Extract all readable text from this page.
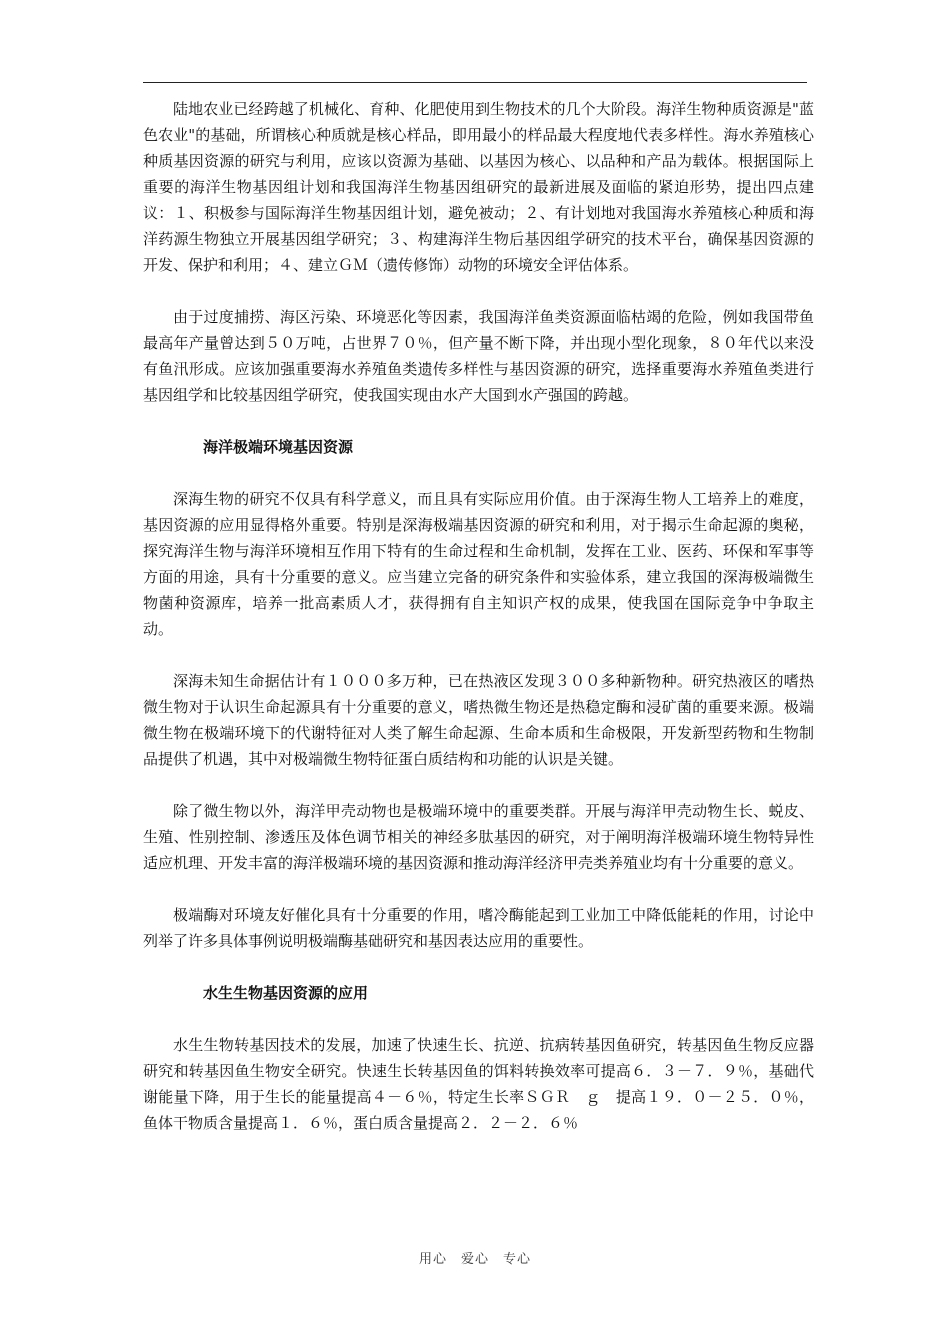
陆地农业已经跨越了机械化、育种、化肥使用到生物技术的几个大阶段。海洋生物种质资源是"蓝色农业"的基础，所谓核心种质就是核心样品，即用最小的样品最大程度地代表多样性。海水养殖核心种质基因资源的研究与利用，应该以资源为基础、以基因为核心、以品种和产品为载体。根据国际上重要的海洋生物基因组计划和我国海洋生物基因组研究的最新进展及面临的紧迫形势，提出四点建议：１、积极参与国际海洋生物基因组计划，避免被动；２、有计划地对我国海水养殖核心种质和海洋药源生物独立开展基因组学研究；３、构建海洋生物后基因组学研究的技术平台，确保基因资源的开发、保护和利用；４、建立ＧＭ（遗传修饰）动物的环境安全评估体系。

由于过度捕捞、海区污染、环境恶化等因素，我国海洋鱼类资源面临枯竭的危险，例如我国带鱼最高年产量曾达到５０万吨，占世界７０％，但产量不断下降，并出现小型化现象，８０年代以来没有鱼汛形成。应该加强重要海水养殖鱼类遗传多样性与基因资源的研究，选择重要海水养殖鱼类进行基因组学和比较基因组学研究，使我国实现由水产大国到水产强国的跨越。

海洋极端环境基因资源

深海生物的研究不仅具有科学意义，而且具有实际应用价值。由于深海生物人工培养上的难度，基因资源的应用显得格外重要。特别是深海极端基因资源的研究和利用，对于揭示生命起源的奥秘，探究海洋生物与海洋环境相互作用下特有的生命过程和生命机制，发挥在工业、医药、环保和军事等方面的用途，具有十分重要的意义。应当建立完备的研究条件和实验体系，建立我国的深海极端微生物菌种资源库，培养一批高素质人才，获得拥有自主知识产权的成果，使我国在国际竞争中争取主动。

深海未知生命据估计有１０００多万种，已在热液区发现３００多种新物种。研究热液区的嗜热微生物对于认识生命起源具有十分重要的意义，嗜热微生物还是热稳定酶和浸矿菌的重要来源。极端微生物在极端环境下的代谢特征对人类了解生命起源、生命本质和生命极限，开发新型药物和生物制品提供了机遇，其中对极端微生物特征蛋白质结构和功能的认识是关键。

除了微生物以外，海洋甲壳动物也是极端环境中的重要类群。开展与海洋甲壳动物生长、蜕皮、生殖、性别控制、渗透压及体色调节相关的神经多肽基因的研究，对于阐明海洋极端环境生物特异性适应机理、开发丰富的海洋极端环境的基因资源和推动海洋经济甲壳类养殖业均有十分重要的意义。

极端酶对环境友好催化具有十分重要的作用，嗜冷酶能起到工业加工中降低能耗的作用，讨论中列举了许多具体事例说明极端酶基础研究和基因表达应用的重要性。

水生生物基因资源的应用

水生生物转基因技术的发展，加速了快速生长、抗逆、抗病转基因鱼研究，转基因鱼生物反应器研究和转基因鱼生物安全研究。快速生长转基因鱼的饵料转换效率可提高６．３－７．９％，基础代谢能量下降，用于生长的能量提高４－６％，特定生长率ＳＧＲ　ｇ　提高１９．０－２５．０％，鱼体干物质含量提高１．６％，蛋白质含量提高２．２－２．６％

用心　爱心　专心
